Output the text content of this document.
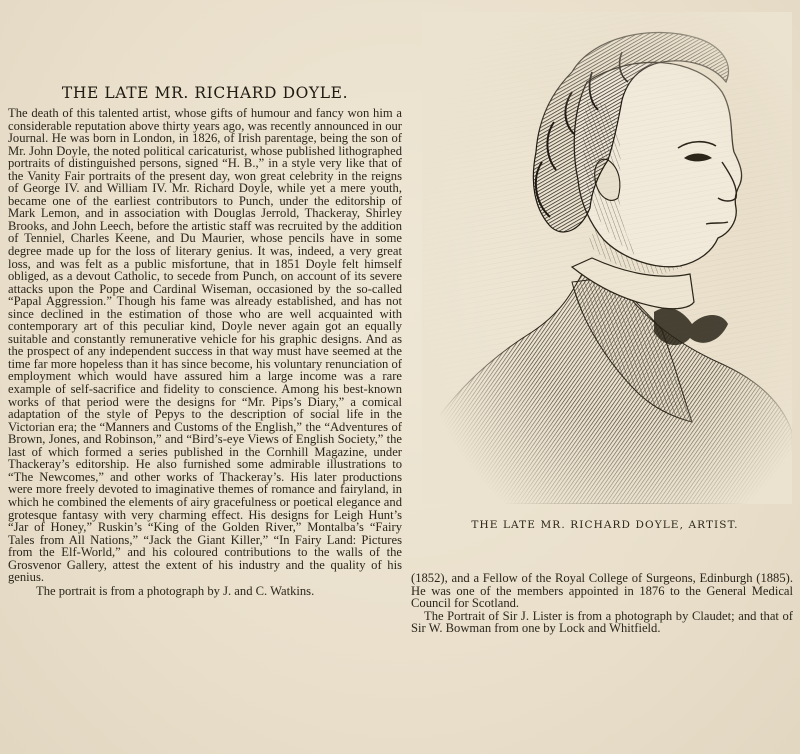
THE LATE MR. RICHARD DOYLE.

The death of this talented artist, whose gifts of humour and fancy won him a considerable reputation above thirty years ago, was recently announced in our Journal. He was born in London, in 1826, of Irish parentage, being the son of Mr. John Doyle, the noted political caricaturist, whose published lithographed portraits of distinguished persons, signed “H. B.,” in a style very like that of the Vanity Fair portraits of the present day, won great celebrity in the reigns of George IV. and William IV. Mr. Richard Doyle, while yet a mere youth, became one of the earliest contributors to Punch, under the editorship of Mark Lemon, and in association with Douglas Jerrold, Thackeray, Shirley Brooks, and John Leech, before the artistic staff was recruited by the addition of Tenniel, Charles Keene, and Du Maurier, whose pencils have in some degree made up for the loss of literary genius. It was, indeed, a very great loss, and was felt as a public misfortune, that in 1851 Doyle felt himself obliged, as a devout Catholic, to secede from Punch, on account of its severe attacks upon the Pope and Cardinal Wiseman, occasioned by the so-called “Papal Aggression.” Though his fame was already established, and has not since declined in the estimation of those who are well acquainted with contemporary art of this peculiar kind, Doyle never again got an equally suitable and constantly remunerative vehicle for his graphic designs. And as the prospect of any independent success in that way must have seemed at the time far more hopeless than it has since become, his voluntary renunciation of employment which would have assured him a large income was a rare example of self-sacrifice and fidelity to conscience. Among his best-known works of that period were the designs for “Mr. Pips’s Diary,” a comical adaptation of the style of Pepys to the description of social life in the Victorian era; the “Manners and Customs of the English,” the “Adventures of Brown, Jones, and Robinson,” and “Bird’s-eye Views of English Society,” the last of which formed a series published in the Cornhill Magazine, under Thackeray’s editorship. He also furnished some admirable illustrations to “The Newcomes,” and other works of Thackeray’s. His later productions were more freely devoted to imaginative themes of romance and fairyland, in which he combined the elements of airy gracefulness or poetical elegance and grotesque fantasy with very charming effect. His designs for Leigh Hunt’s “Jar of Honey,” Ruskin’s “King of the Golden River,” Montalba’s “Fairy Tales from All Nations,” “Jack the Giant Killer,” “In Fairy Land: Pictures from the Elf-World,” and his coloured contributions to the walls of the Grosvenor Gallery, attest the extent of his industry and the quality of his genius.

The portrait is from a photograph by J. and C. Watkins.
THE LATE MR. RICHARD DOYLE, ARTIST.

(1852), and a Fellow of the Royal College of Surgeons, Edinburgh (1885). He was one of the members appointed in 1876 to the General Medical Council for Scotland.

The Portrait of Sir J. Lister is from a photograph by Claudet; and that of Sir W. Bowman from one by Lock and Whitfield.
